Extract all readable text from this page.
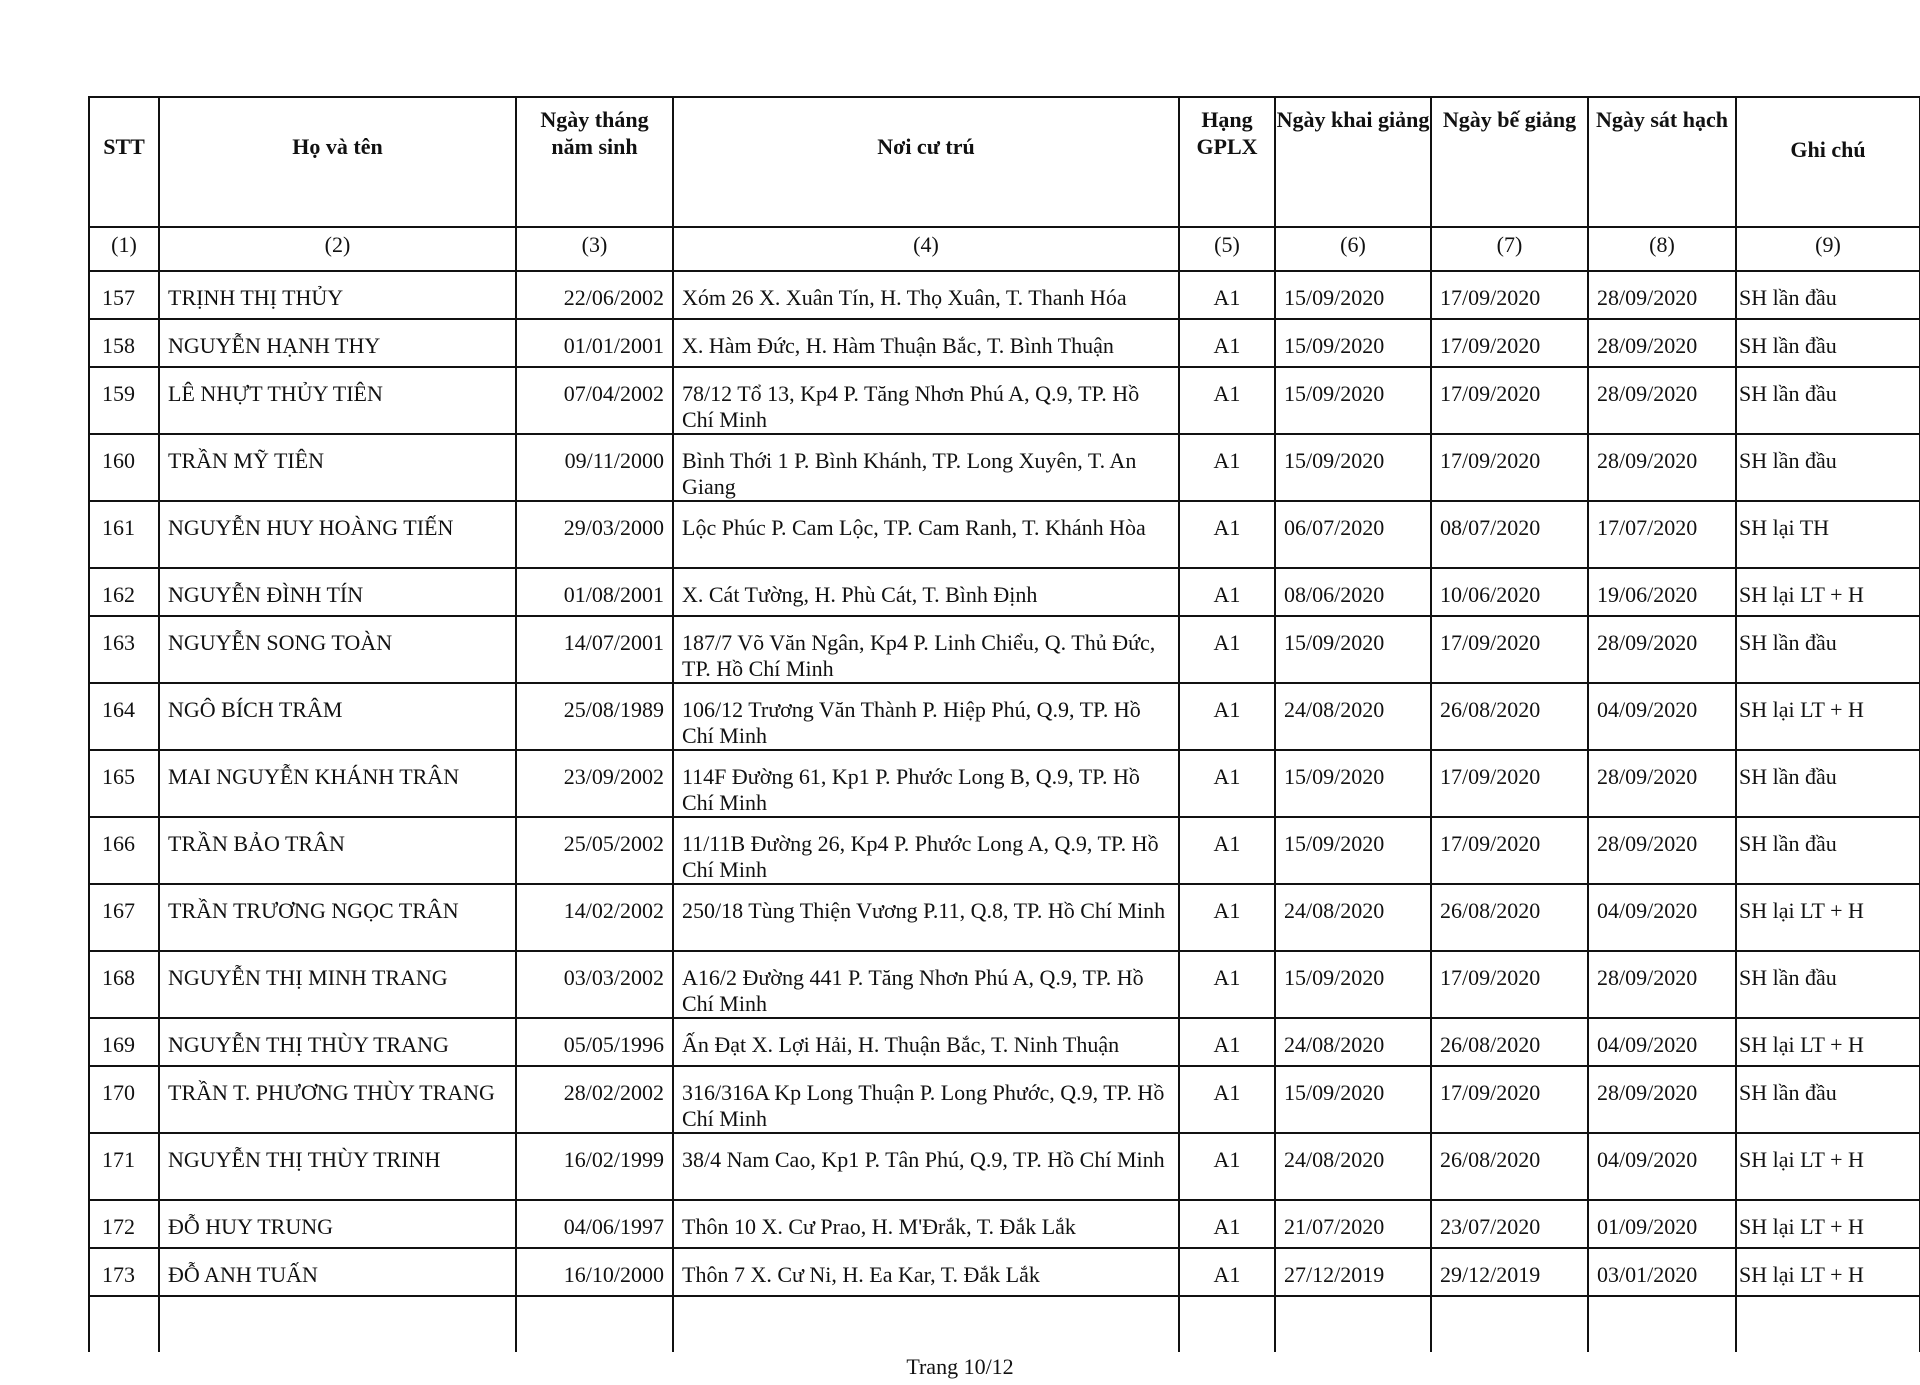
STT	Họ và tên	Ngày tháng năm sinh	Nơi cư trú	Hạng GPLX	Ngày khai giảng	Ngày bế giảng	Ngày sát hạch	Ghi chú
(1)	(2)	(3)	(4)	(5)	(6)	(7)	(8)	(9)
157	TRỊNH THỊ THỦY	22/06/2002	Xóm 26 X. Xuân Tín, H. Thọ Xuân, T. Thanh Hóa	A1	15/09/2020	17/09/2020	28/09/2020	SH lần đầu
158	NGUYỄN HẠNH THY	01/01/2001	X. Hàm Đức, H. Hàm Thuận Bắc, T. Bình Thuận	A1	15/09/2020	17/09/2020	28/09/2020	SH lần đầu
159	LÊ NHỰT THỦY TIÊN	07/04/2002	78/12 Tổ 13, Kp4 P. Tăng Nhơn Phú A, Q.9, TP. Hồ Chí Minh	A1	15/09/2020	17/09/2020	28/09/2020	SH lần đầu
160	TRẦN MỸ TIÊN	09/11/2000	Bình Thới 1 P. Bình Khánh, TP. Long Xuyên, T. An Giang	A1	15/09/2020	17/09/2020	28/09/2020	SH lần đầu
161	NGUYỄN HUY HOÀNG TIẾN	29/03/2000	Lộc Phúc P. Cam Lộc, TP. Cam Ranh, T. Khánh Hòa	A1	06/07/2020	08/07/2020	17/07/2020	SH lại TH
162	NGUYỄN ĐÌNH TÍN	01/08/2001	X. Cát Tường, H. Phù Cát, T. Bình Định	A1	08/06/2020	10/06/2020	19/06/2020	SH lại LT + H
163	NGUYỄN SONG TOÀN	14/07/2001	187/7 Võ Văn Ngân, Kp4 P. Linh Chiểu, Q. Thủ Đức, TP. Hồ Chí Minh	A1	15/09/2020	17/09/2020	28/09/2020	SH lần đầu
164	NGÔ BÍCH TRÂM	25/08/1989	106/12 Trương Văn Thành P. Hiệp Phú, Q.9, TP. Hồ Chí Minh	A1	24/08/2020	26/08/2020	04/09/2020	SH lại LT + H
165	MAI NGUYỄN KHÁNH TRÂN	23/09/2002	114F Đường 61, Kp1 P. Phước Long B, Q.9, TP. Hồ Chí Minh	A1	15/09/2020	17/09/2020	28/09/2020	SH lần đầu
166	TRẦN BẢO TRÂN	25/05/2002	11/11B Đường 26, Kp4 P. Phước Long A, Q.9, TP. Hồ Chí Minh	A1	15/09/2020	17/09/2020	28/09/2020	SH lần đầu
167	TRẦN TRƯƠNG NGỌC TRÂN	14/02/2002	250/18 Tùng Thiện Vương P.11, Q.8, TP. Hồ Chí Minh	A1	24/08/2020	26/08/2020	04/09/2020	SH lại LT + H
168	NGUYỄN THỊ MINH TRANG	03/03/2002	A16/2 Đường 441 P. Tăng Nhơn Phú A, Q.9, TP. Hồ Chí Minh	A1	15/09/2020	17/09/2020	28/09/2020	SH lần đầu
169	NGUYỄN THỊ THÙY TRANG	05/05/1996	Ấn Đạt X. Lợi Hải, H. Thuận Bắc, T. Ninh Thuận	A1	24/08/2020	26/08/2020	04/09/2020	SH lại LT + H
170	TRẦN T. PHƯƠNG THÙY TRANG	28/02/2002	316/316A Kp Long Thuận P. Long Phước, Q.9, TP. Hồ Chí Minh	A1	15/09/2020	17/09/2020	28/09/2020	SH lần đầu
171	NGUYỄN THỊ THÙY TRINH	16/02/1999	38/4 Nam Cao, Kp1 P. Tân Phú, Q.9, TP. Hồ Chí Minh	A1	24/08/2020	26/08/2020	04/09/2020	SH lại LT + H
172	ĐỖ HUY TRUNG	04/06/1997	Thôn 10 X. Cư Prao, H. M'Đrắk, T. Đắk Lắk	A1	21/07/2020	23/07/2020	01/09/2020	SH lại LT + H
173	ĐỖ ANH TUẤN	16/10/2000	Thôn 7 X. Cư Ni, H. Ea Kar, T. Đắk Lắk	A1	27/12/2019	29/12/2019	03/01/2020	SH lại LT + H

Trang 10/12
